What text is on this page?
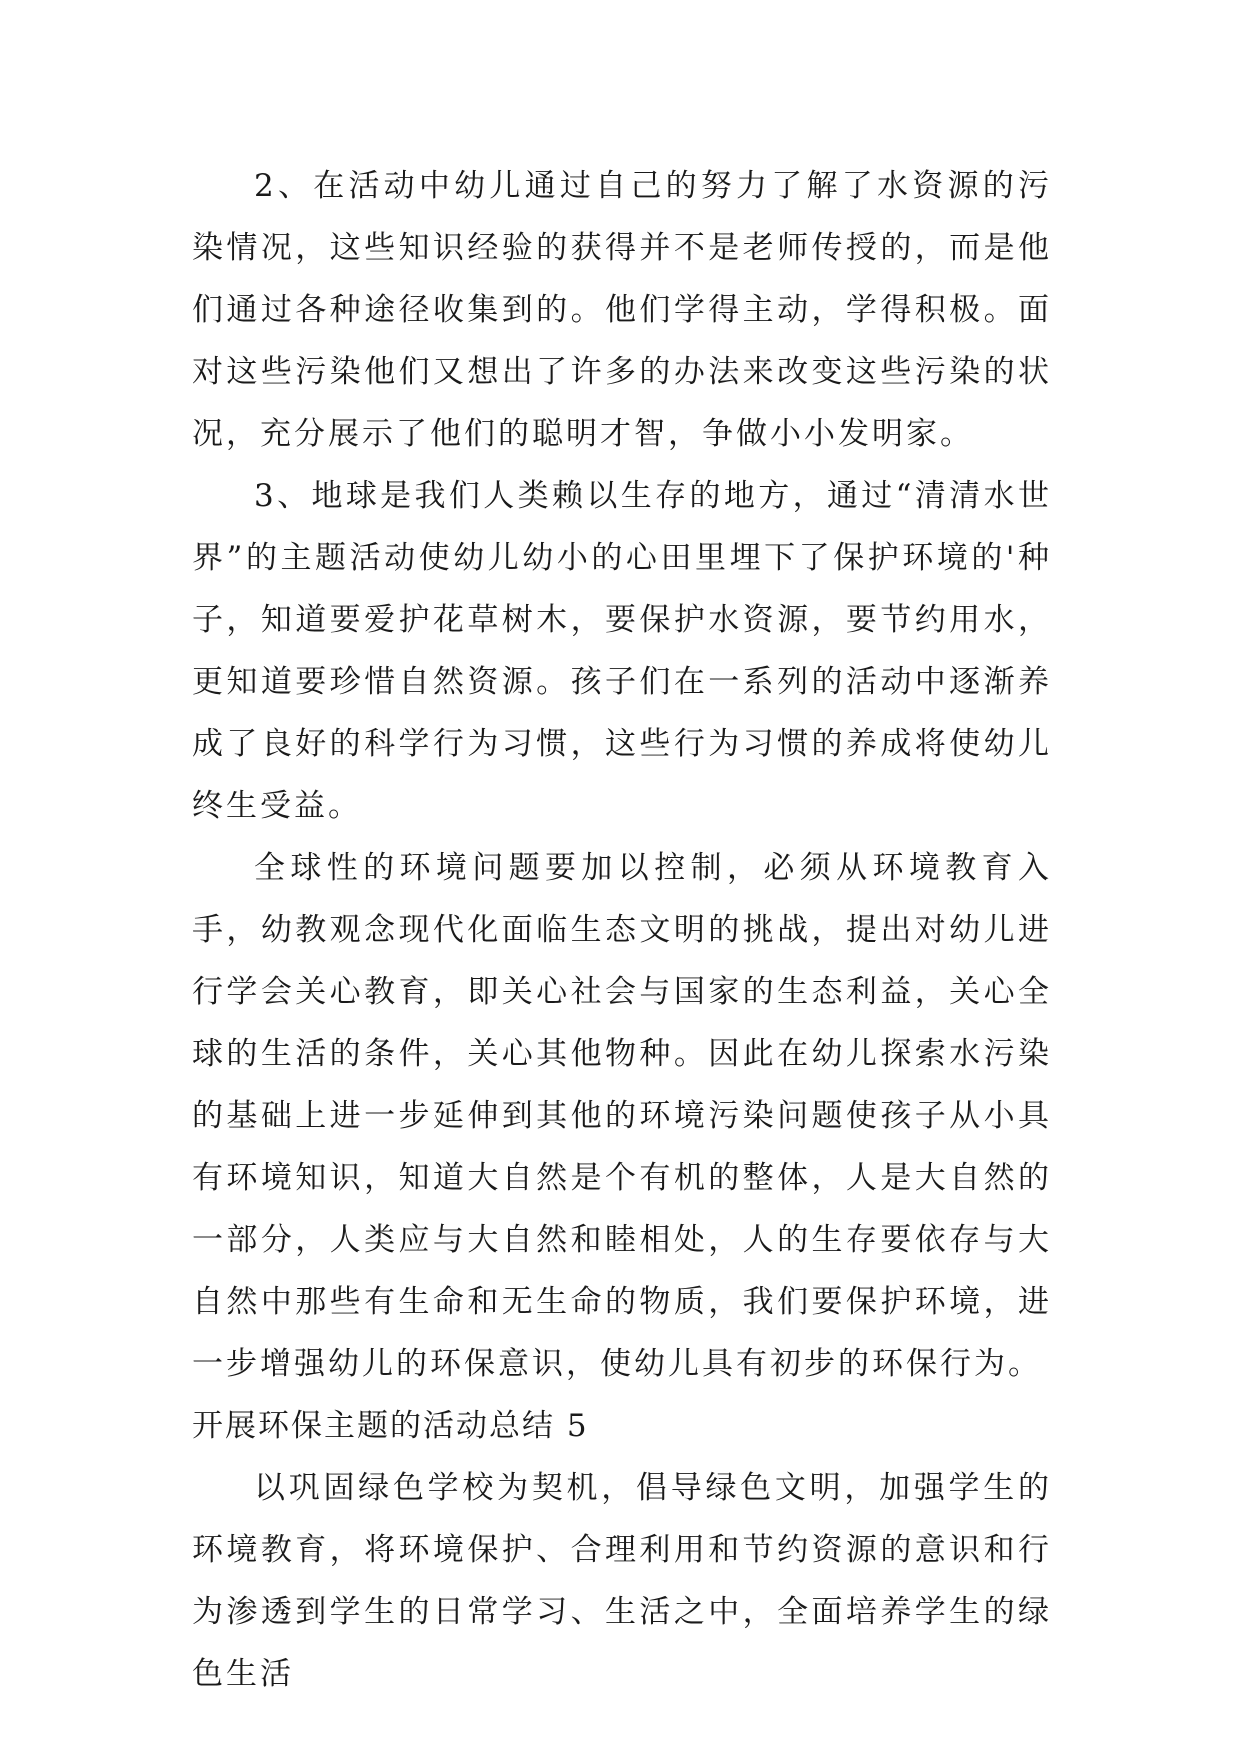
2、在活动中幼儿通过自己的努力了解了水资源的污染情况，这些知识经验的获得并不是老师传授的，而是他们通过各种途径收集到的。他们学得主动，学得积极。面对这些污染他们又想出了许多的办法来改变这些污染的状况，充分展示了他们的聪明才智，争做小小发明家。

3、地球是我们人类赖以生存的地方，通过“清清水世界”的主题活动使幼儿幼小的心田里埋下了保护环境的'种子，知道要爱护花草树木，要保护水资源，要节约用水，更知道要珍惜自然资源。孩子们在一系列的活动中逐渐养成了良好的科学行为习惯，这些行为习惯的养成将使幼儿终生受益。

全球性的环境问题要加以控制，必须从环境教育入手，幼教观念现代化面临生态文明的挑战，提出对幼儿进行学会关心教育，即关心社会与国家的生态利益，关心全球的生活的条件，关心其他物种。因此在幼儿探索水污染的基础上进一步延伸到其他的环境污染问题使孩子从小具有环境知识，知道大自然是个有机的整体，人是大自然的一部分，人类应与大自然和睦相处，人的生存要依存与大自然中那些有生命和无生命的物质，我们要保护环境，进一步增强幼儿的环保意识，使幼儿具有初步的环保行为。

开展环保主题的活动总结 5

以巩固绿色学校为契机，倡导绿色文明，加强学生的环境教育，将环境保护、合理利用和节约资源的意识和行为渗透到学生的日常学习、生活之中，全面培养学生的绿色生活
